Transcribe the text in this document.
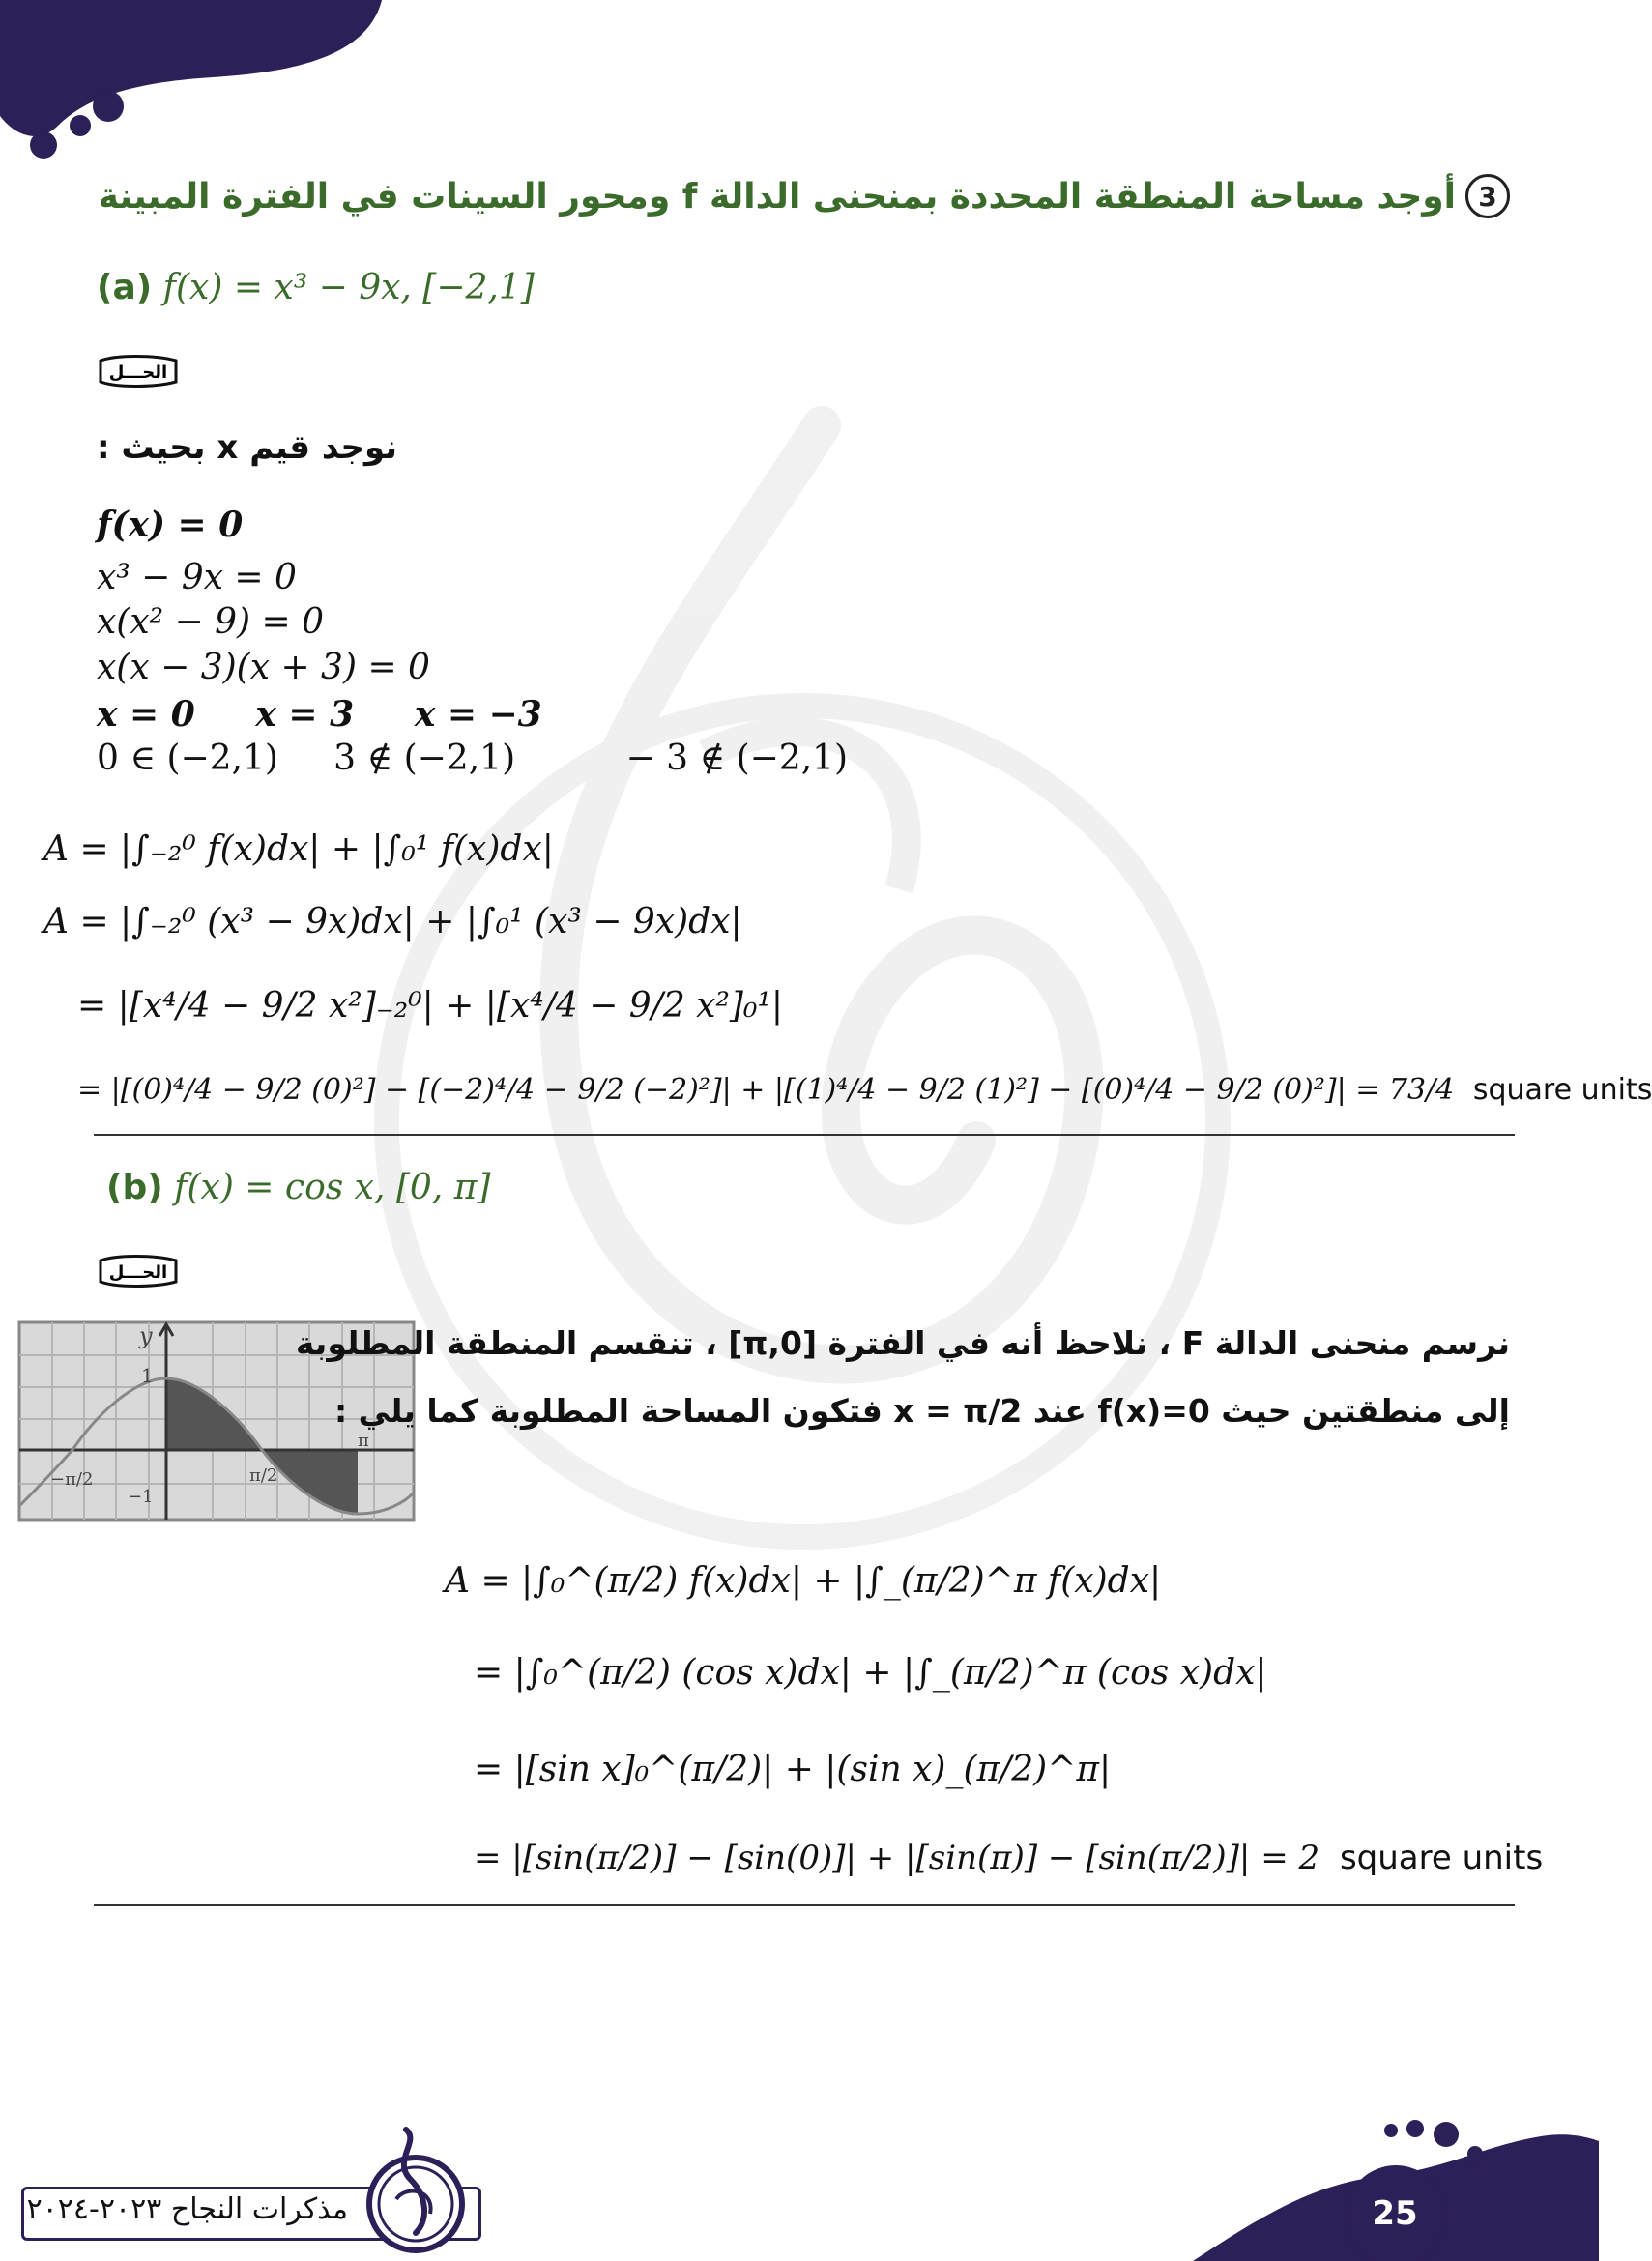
3
أوجد مساحة المنطقة المحددة بمنحنى الدالة f ومحور السينات في الفترة المبينة
(a) f(x) = x³ − 9x, [−2,1]
الحـــل
نوجد قيم x بحيث :
f(x) = 0
x³ − 9x = 0
x(x² − 9) = 0
x(x − 3)(x + 3) = 0
x = 0     x = 3     x = −3
0 ∈ (−2,1)     3 ∉ (−2,1)          − 3 ∉ (−2,1)
A = |∫₋₂⁰ f(x)dx| + |∫₀¹ f(x)dx|
A = |∫₋₂⁰ (x³ − 9x)dx| + |∫₀¹ (x³ − 9x)dx|
= |[x⁴/4 − 9/2 x²]₋₂⁰| + |[x⁴/4 − 9/2 x²]₀¹|
= |[(0)⁴/4 − 9/2 (0)²] − [(−2)⁴/4 − 9/2 (−2)²]| + |[(1)⁴/4 − 9/2 (1)²] − [(0)⁴/4 − 9/2 (0)²]| = 73/4 square units
(b) f(x) = cos x, [0, π]
الحـــل
y
1
−1
−π/2	π/2
π
نرسم منحنى الدالة F ، نلاحظ أنه في الفترة [0,π] ، تنقسم المنطقة المطلوبة
إلى منطقتين حيث f(x)=0 عند x = π/2 فتكون المساحة المطلوبة كما يلي :
A = |∫₀^(π/2) f(x)dx| + |∫_(π/2)^π f(x)dx|
= |∫₀^(π/2) (cos x)dx| + |∫_(π/2)^π (cos x)dx|
= |[sin x]₀^(π/2)| + |(sin x)_(π/2)^π|
= |[sin(π/2)] − [sin(0)]| + |[sin(π)] − [sin(π/2)]| = 2 square units
مذكرات النجاح ٢٠٢٣-٢٠٢٤	25
